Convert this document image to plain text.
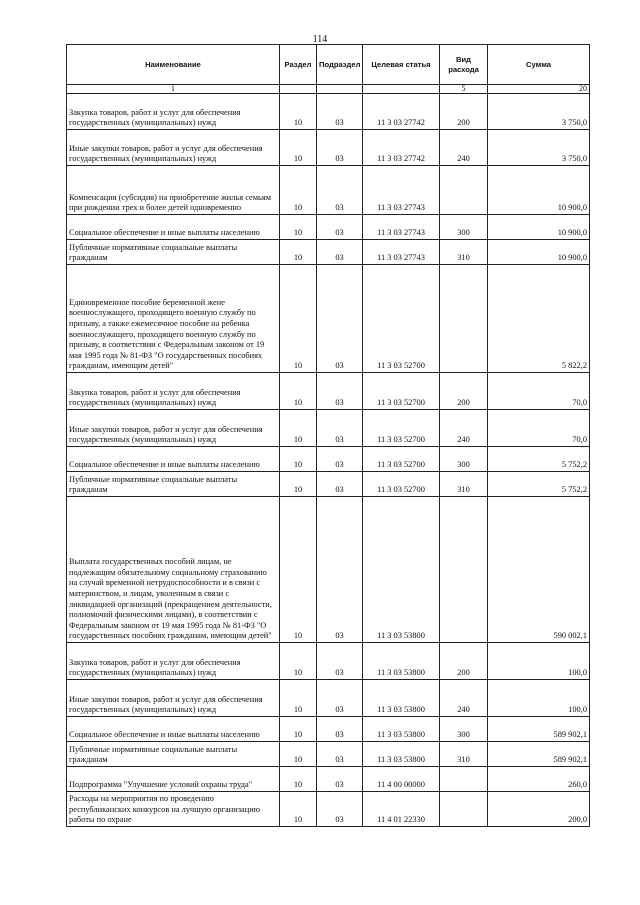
114
Наименование	Раздел	Подраздел	Целевая статья	Вид расхода	Сумма
1				5	20
Закупка товаров, работ и услуг для обеспечения государственных (муниципальных) нужд	10	03	11 3 03 27742	200	3 750,0
Иные закупки товаров, работ и услуг для обеспечения государственных (муниципальных) нужд	10	03	11 3 03 27742	240	3 750,0
Компенсация (субсидия) на приобретение жилья семьям при рождении трех и более детей одновременно	10	03	11 3 03 27743		10 900,0
Социальное обеспечение и иные выплаты населению	10	03	11 3 03 27743	300	10 900,0
Публичные нормативные социальные выплаты гражданам	10	03	11 3 03 27743	310	10 900,0
Единовременное пособие беременной жене военнослужащего, проходящего военную службу по призыву, а также ежемесячное пособие на ребенка военнослужащего, проходящего военную службу по призыву, в соответствии с Федеральным законом от 19 мая 1995 года № 81-ФЗ "О государственных пособиях гражданам, имеющим детей"	10	03	11 3 03 52700		5 822,2
Закупка товаров, работ и услуг для обеспечения государственных (муниципальных) нужд	10	03	11 3 03 52700	200	70,0
Иные закупки товаров, работ и услуг для обеспечения государственных (муниципальных) нужд	10	03	11 3 03 52700	240	70,0
Социальное обеспечение и иные выплаты населению	10	03	11 3 03 52700	300	5 752,2
Публичные нормативные социальные выплаты гражданам	10	03	11 3 03 52700	310	5 752,2
Выплата государственных пособий лицам, не подлежащим обязательному социальному страхованию на случай временной нетрудоспособности и в связи с материнством, и лицам, уволенным в связи с ликвидацией организаций (прекращением деятельности, полномочий физическими лицами), в соответствии с Федеральным законом от 19 мая 1995 года № 81-ФЗ "О государственных пособиях гражданам, имеющим детей"	10	03	11 3 03 53800		590 002,1
Закупка товаров, работ и услуг для обеспечения государственных (муниципальных) нужд	10	03	11 3 03 53800	200	100,0
Иные закупки товаров, работ и услуг для обеспечения государственных (муниципальных) нужд	10	03	11 3 03 53800	240	100,0
Социальное обеспечение и иные выплаты населению	10	03	11 3 03 53800	300	589 902,1
Публичные нормативные социальные выплаты гражданам	10	03	11 3 03 53800	310	589 902,1
Подпрограмма "Улучшение условий охраны труда"	10	03	11 4 00 00000		260,0
Расходы на мероприятия по проведению республиканских конкурсов на лучшую организацию работы по охране	10	03	11 4 01 22330		200,0
